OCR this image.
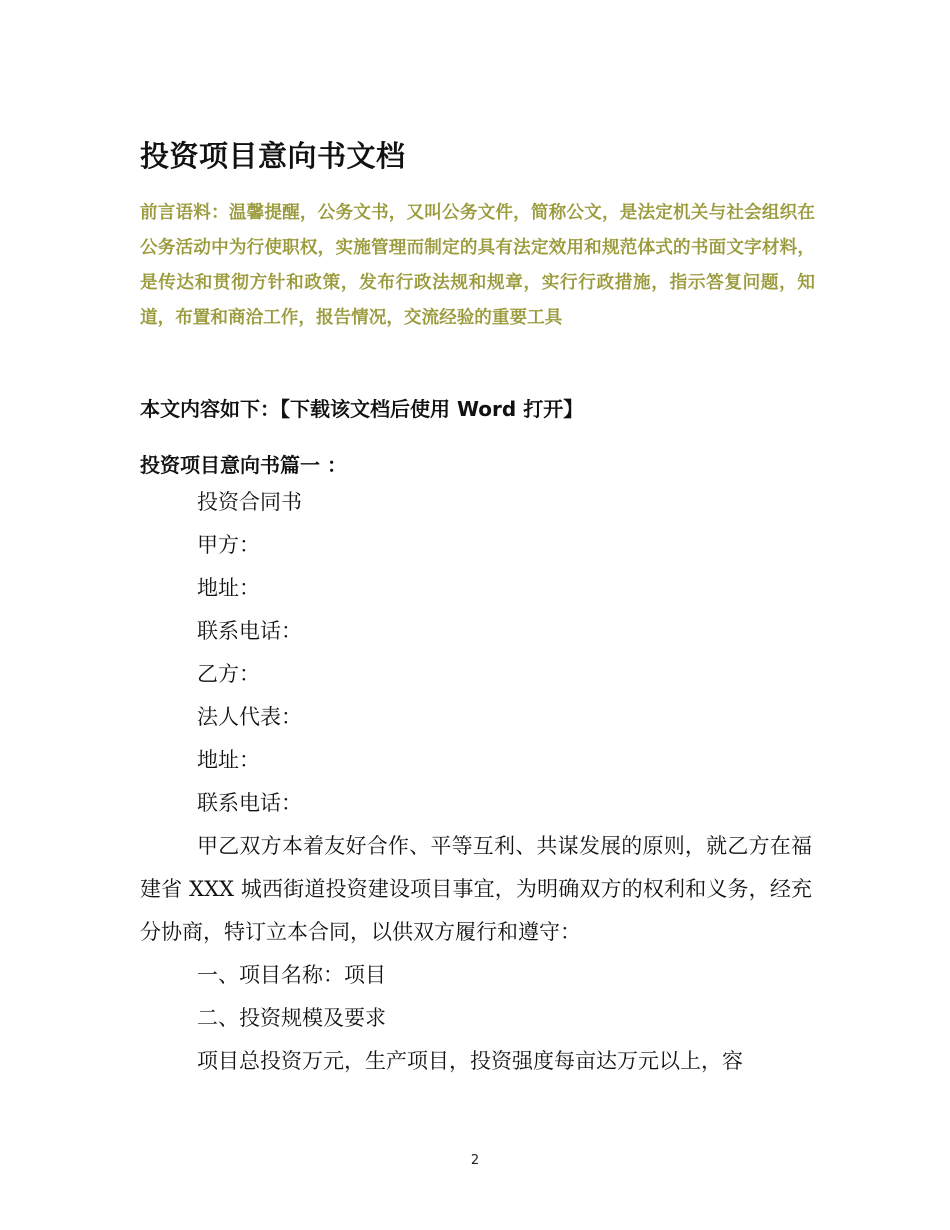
投资项目意向书文档
前言语料：温馨提醒，公务文书，又叫公务文件，简称公文，是法定机关与社会组织在公务活动中为行使职权，实施管理而制定的具有法定效用和规范体式的书面文字材料，是传达和贯彻方针和政策，发布行政法规和规章，实行行政措施，指示答复问题，知道，布置和商洽工作，报告情况，交流经验的重要工具
本文内容如下：【下载该文档后使用 Word 打开】
投资项目意向书篇一 ：

投资合同书

甲方：

地址：

联系电话：

乙方：

法人代表：

地址：

联系电话：

甲乙双方本着友好合作、平等互利、共谋发展的原则，就乙方在福建省 XXX 城西街道投资建设项目事宜，为明确双方的权利和义务，经充分协商，特订立本合同，以供双方履行和遵守：

一、项目名称：项目

二、投资规模及要求

项目总投资万元，生产项目，投资强度每亩达万元以上，容

2
